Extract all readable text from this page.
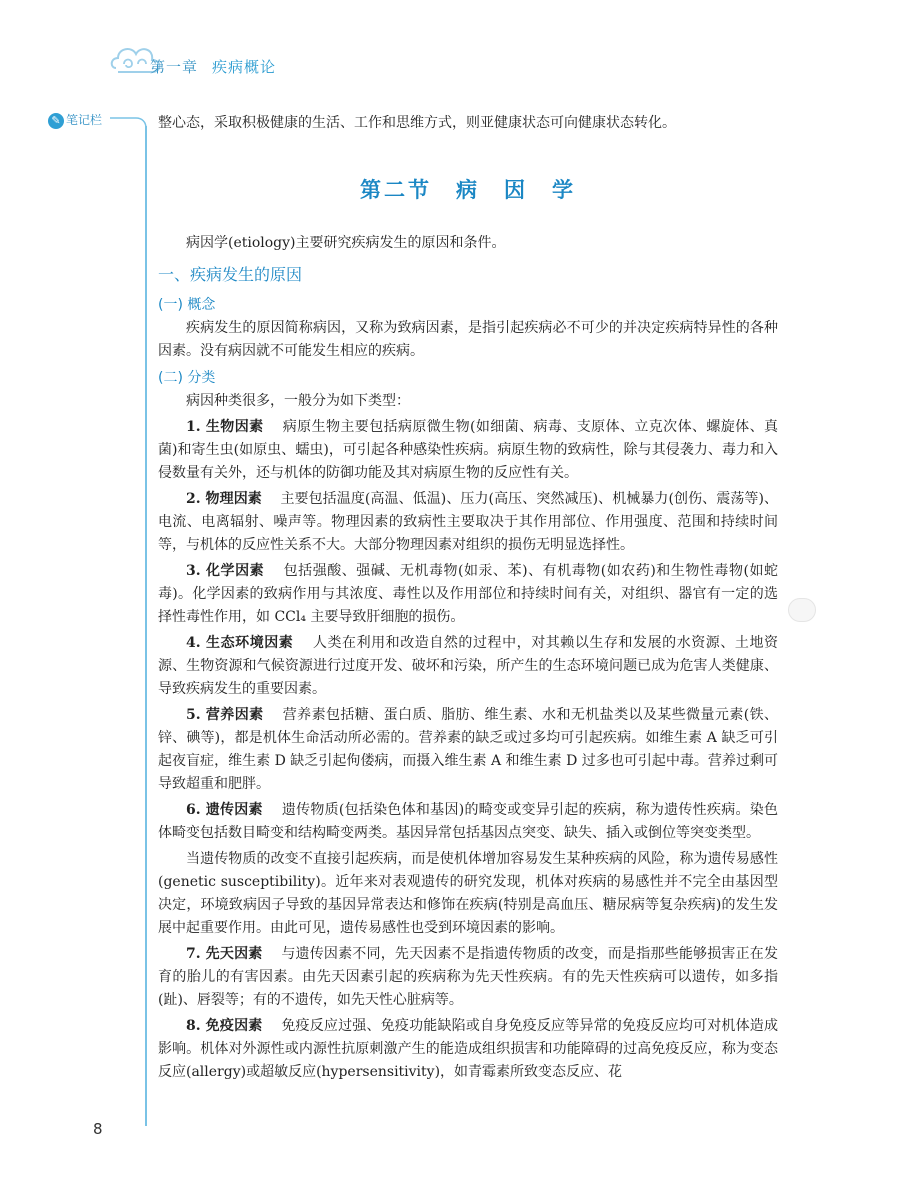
第一章 疾病概论
✎ 笔记栏	整心态，采取积极健康的生活、工作和思维方式，则亚健康状态可向健康状态转化。

第二节　病　因　学

病因学(etiology)主要研究疾病发生的原因和条件。

一、疾病发生的原因
(一) 概念

疾病发生的原因简称病因，又称为致病因素，是指引起疾病必不可少的并决定疾病特异性的各种因素。没有病因就不可能发生相应的疾病。

(二) 分类

病因种类很多，一般分为如下类型：

1. 生物因素　 病原生物主要包括病原微生物(如细菌、病毒、支原体、立克次体、螺旋体、真菌)和寄生虫(如原虫、蠕虫)，可引起各种感染性疾病。病原生物的致病性，除与其侵袭力、毒力和入侵数量有关外，还与机体的防御功能及其对病原生物的反应性有关。

2. 物理因素　 主要包括温度(高温、低温)、压力(高压、突然减压)、机械暴力(创伤、震荡等)、电流、电离辐射、噪声等。物理因素的致病性主要取决于其作用部位、作用强度、范围和持续时间等，与机体的反应性关系不大。大部分物理因素对组织的损伤无明显选择性。

3. 化学因素　 包括强酸、强碱、无机毒物(如汞、苯)、有机毒物(如农药)和生物性毒物(如蛇毒)。化学因素的致病作用与其浓度、毒性以及作用部位和持续时间有关，对组织、器官有一定的选择性毒性作用，如 CCl₄ 主要导致肝细胞的损伤。

4. 生态环境因素　 人类在利用和改造自然的过程中，对其赖以生存和发展的水资源、土地资源、生物资源和气候资源进行过度开发、破坏和污染，所产生的生态环境问题已成为危害人类健康、导致疾病发生的重要因素。

5. 营养因素　 营养素包括糖、蛋白质、脂肪、维生素、水和无机盐类以及某些微量元素(铁、锌、碘等)，都是机体生命活动所必需的。营养素的缺乏或过多均可引起疾病。如维生素 A 缺乏可引起夜盲症，维生素 D 缺乏引起佝偻病，而摄入维生素 A 和维生素 D 过多也可引起中毒。营养过剩可导致超重和肥胖。

6. 遗传因素　 遗传物质(包括染色体和基因)的畸变或变异引起的疾病，称为遗传性疾病。染色体畸变包括数目畸变和结构畸变两类。基因异常包括基因点突变、缺失、插入或倒位等突变类型。

当遗传物质的改变不直接引起疾病，而是使机体增加容易发生某种疾病的风险，称为遗传易感性(genetic susceptibility)。近年来对表观遗传的研究发现，机体对疾病的易感性并不完全由基因型决定，环境致病因子导致的基因异常表达和修饰在疾病(特别是高血压、糖尿病等复杂疾病)的发生发展中起重要作用。由此可见，遗传易感性也受到环境因素的影响。

7. 先天因素　 与遗传因素不同，先天因素不是指遗传物质的改变，而是指那些能够损害正在发育的胎儿的有害因素。由先天因素引起的疾病称为先天性疾病。有的先天性疾病可以遗传，如多指(趾)、唇裂等；有的不遗传，如先天性心脏病等。

8. 免疫因素　 免疫反应过强、免疫功能缺陷或自身免疫反应等异常的免疫反应均可对机体造成影响。机体对外源性或内源性抗原刺激产生的能造成组织损害和功能障碍的过高免疫反应，称为变态反应(allergy)或超敏反应(hypersensitivity)，如青霉素所致变态反应、花

8
